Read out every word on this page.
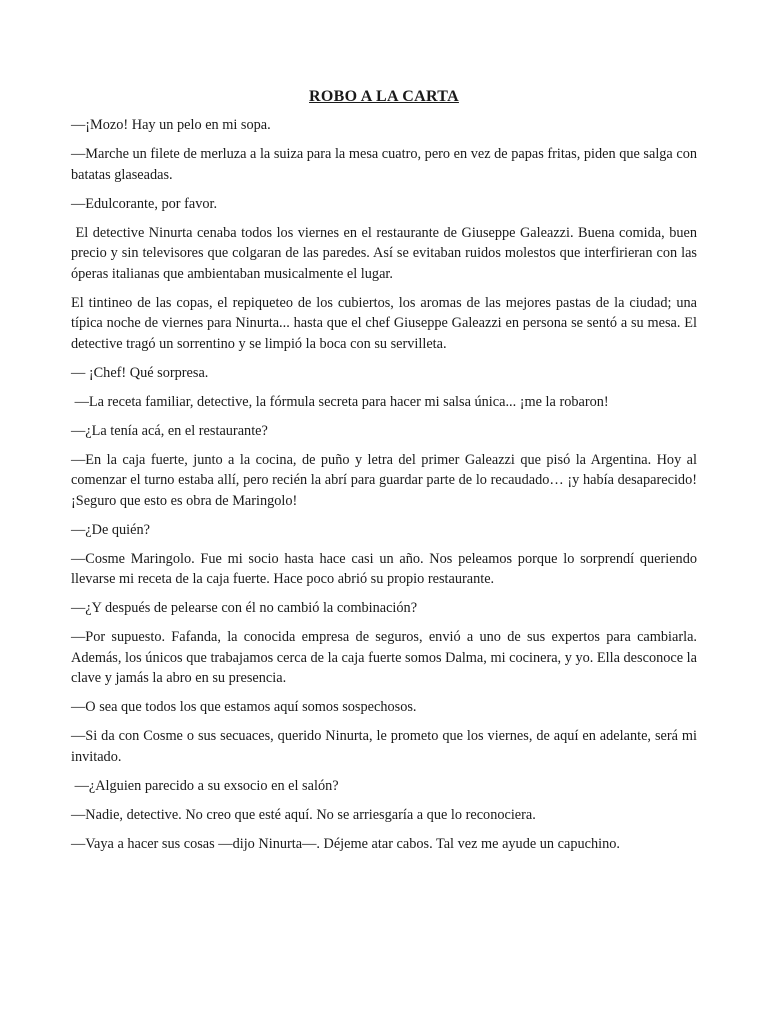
ROBO A LA CARTA

—¡Mozo! Hay un pelo en mi sopa.

—Marche un filete de merluza a la suiza para la mesa cuatro, pero en vez de papas fritas, piden que salga con batatas glaseadas.

—Edulcorante, por favor.

El detective Ninurta cenaba todos los viernes en el restaurante de Giuseppe Galeazzi. Buena comida, buen precio y sin televisores que colgaran de las paredes. Así se evitaban ruidos molestos que interfirieran con las óperas italianas que ambientaban musicalmente el lugar.

El tintineo de las copas, el repiqueteo de los cubiertos, los aromas de las mejores pastas de la ciudad; una típica noche de viernes para Ninurta... hasta que el chef Giuseppe Galeazzi en persona se sentó a su mesa. El detective tragó un sorrentino y se limpió la boca con su servilleta.

— ¡Chef! Qué sorpresa.

—La receta familiar, detective, la fórmula secreta para hacer mi salsa única... ¡me la robaron!

—¿La tenía acá, en el restaurante?

—En la caja fuerte, junto a la cocina, de puño y letra del primer Galeazzi que pisó la Argentina. Hoy al comenzar el turno estaba allí, pero recién la abrí para guardar parte de lo recaudado… ¡y había desaparecido! ¡Seguro que esto es obra de Maringolo!

—¿De quién?

—Cosme Maringolo. Fue mi socio hasta hace casi un año. Nos peleamos porque lo sorprendí queriendo llevarse mi receta de la caja fuerte. Hace poco abrió su propio restaurante.

—¿Y después de pelearse con él no cambió la combinación?

—Por supuesto. Fafanda, la conocida empresa de seguros, envió a uno de sus expertos para cambiarla. Además, los únicos que trabajamos cerca de la caja fuerte somos Dalma, mi cocinera, y yo. Ella desconoce la clave y jamás la abro en su presencia.

—O sea que todos los que estamos aquí somos sospechosos.

—Si da con Cosme o sus secuaces, querido Ninurta, le prometo que los viernes, de aquí en adelante, será mi invitado.

—¿Alguien parecido a su exsocio en el salón?

—Nadie, detective. No creo que esté aquí. No se arriesgaría a que lo reconociera.

—Vaya a hacer sus cosas —dijo Ninurta—. Déjeme atar cabos. Tal vez me ayude un capuchino.
